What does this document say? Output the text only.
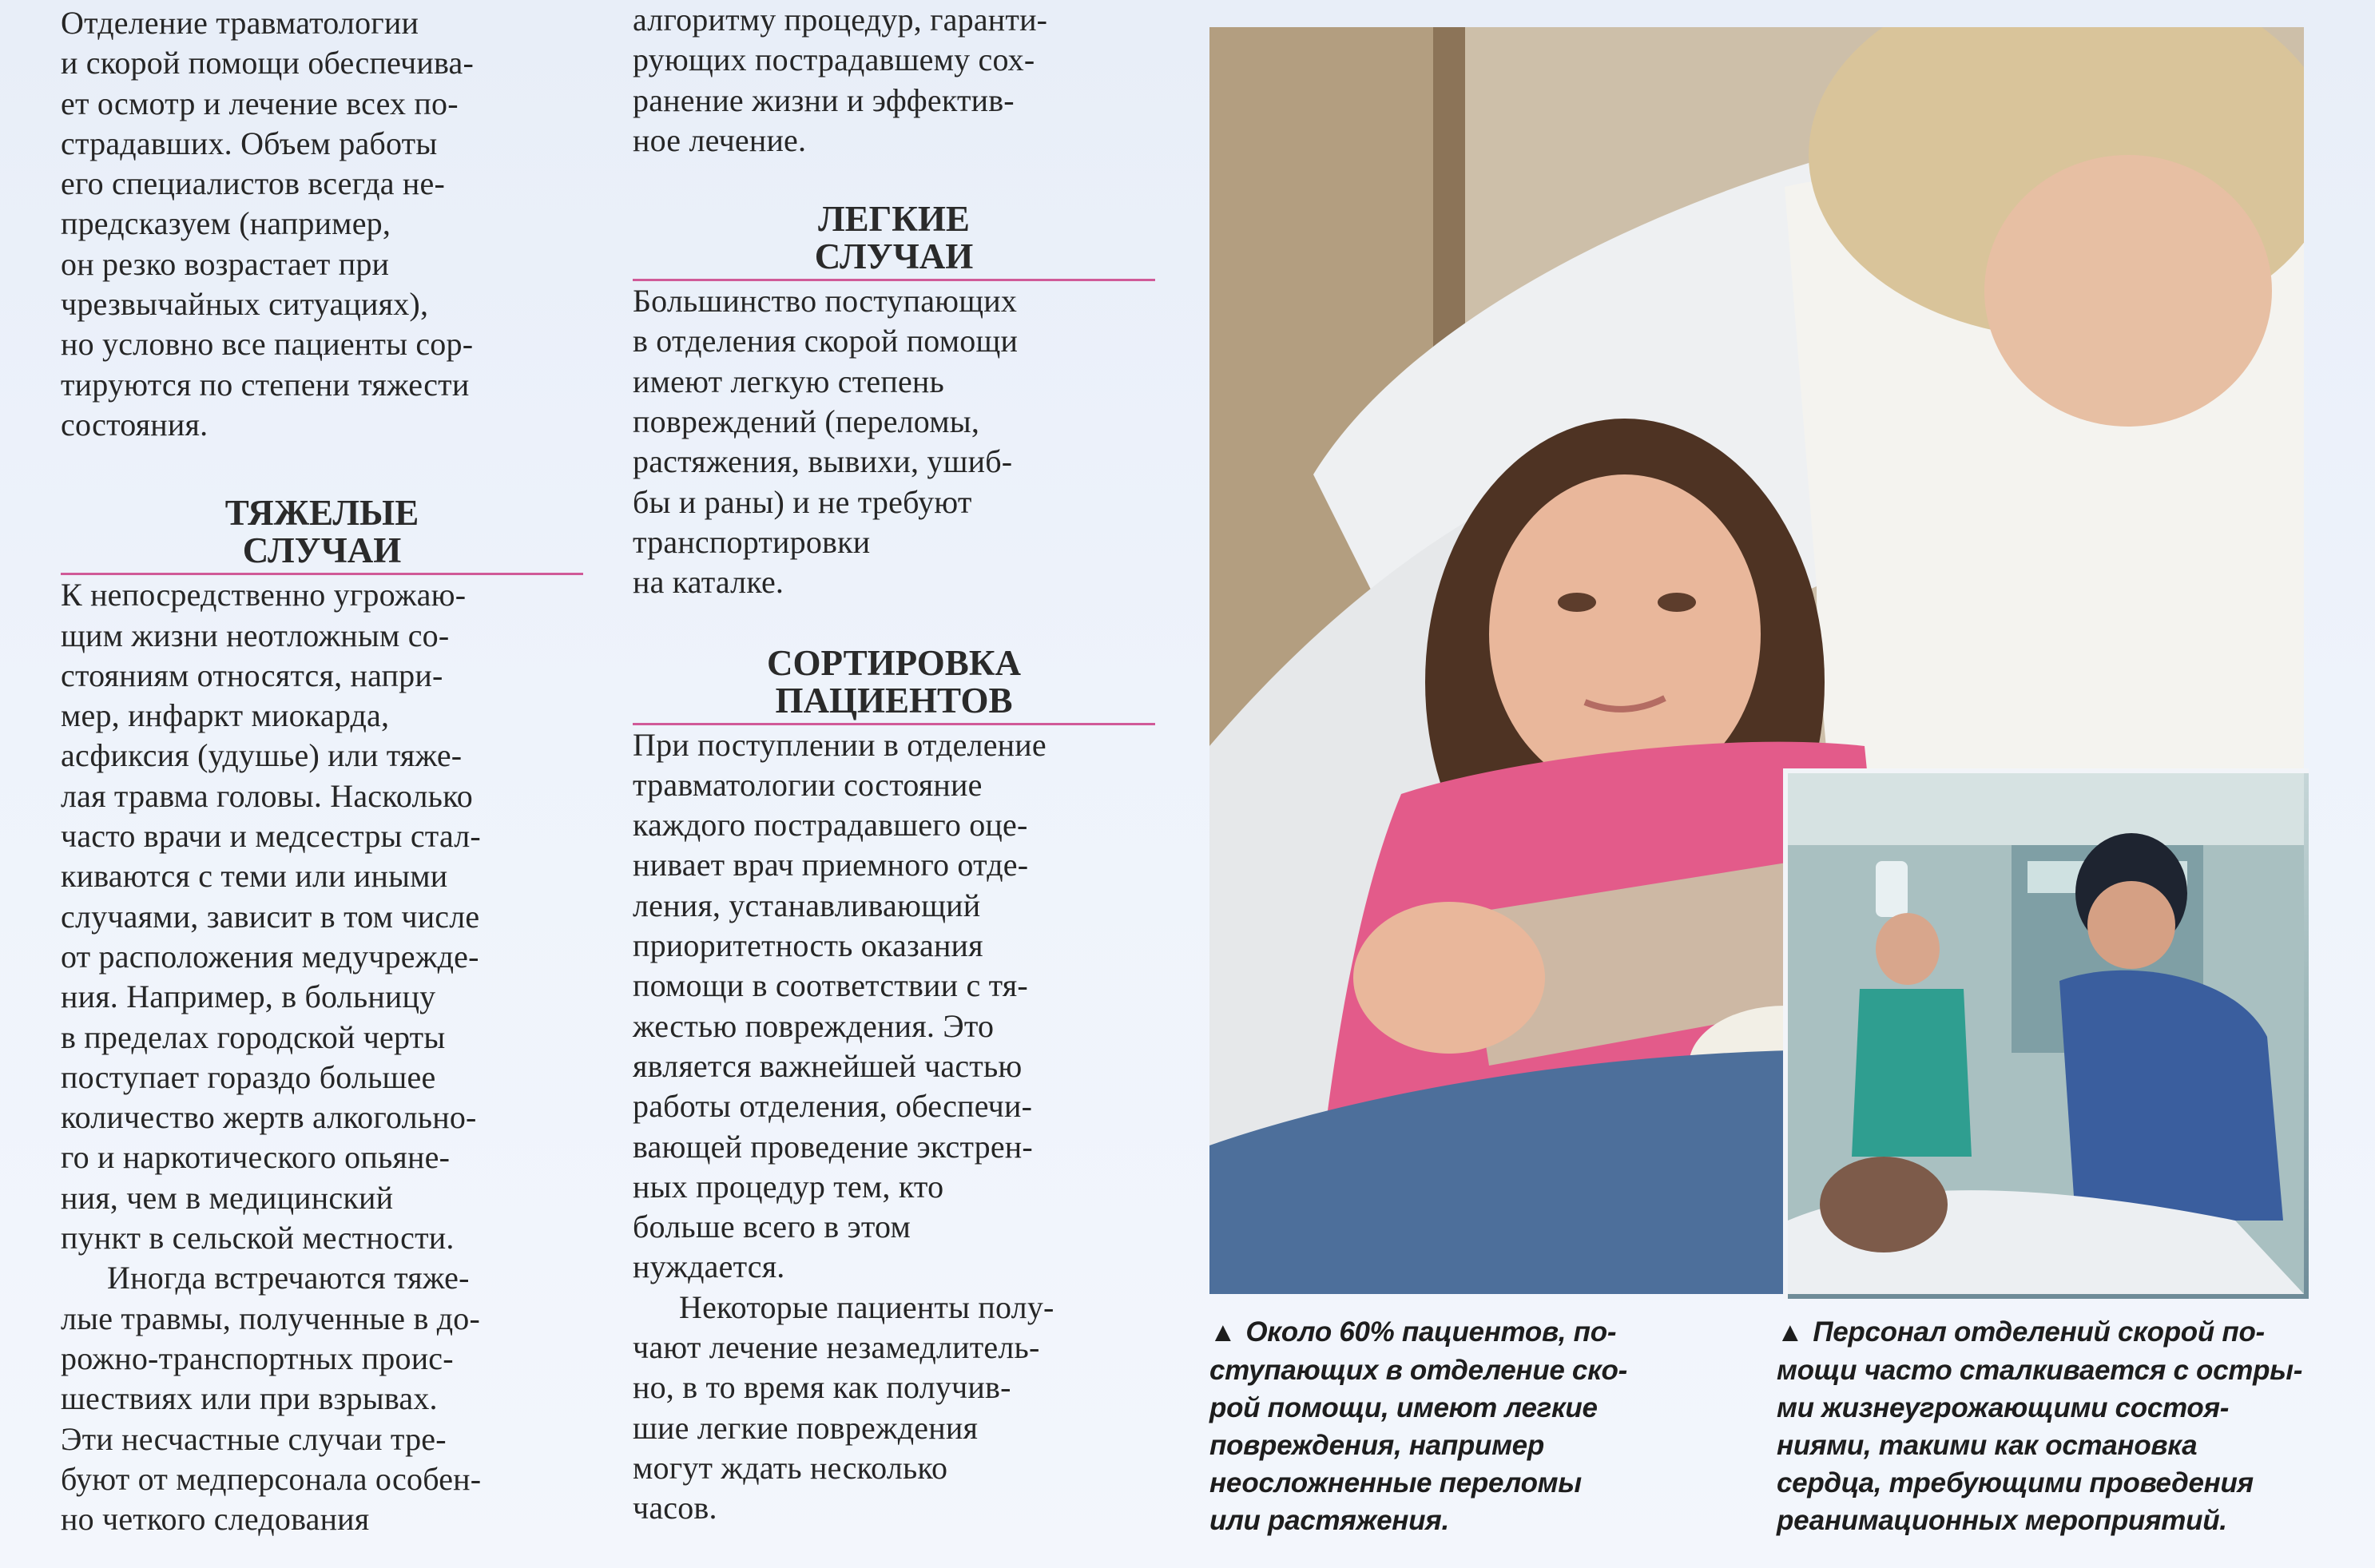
Отделение травматологии
и скорой помощи обеспечива-
ет осмотр и лечение всех по-
страдавших. Объем работы
его специалистов всегда не-
предсказуем (например,
он резко возрастает при
чрезвычайных ситуациях),
но условно все пациенты сор-
тируются по степени тяжести
состояния.

ТЯЖЕЛЫЕ
СЛУЧАИ

К непосредственно угрожаю-
щим жизни неотложным со-
стояниям относятся, напри-
мер, инфаркт миокарда,
асфиксия (удушье) или тяже-
лая травма головы. Насколько
часто врачи и медсестры стал-
киваются с теми или иными
случаями, зависит в том числе
от расположения медучрежде-
ния. Например, в больницу
в пределах городской черты
поступает гораздо большее
количество жертв алкогольно-
го и наркотического опьяне-
ния, чем в медицинский
пункт в сельской местности.

Иногда встречаются тяже-
лые травмы, полученные в до-
рожно-транспортных проис-
шествиях или при взрывах.
Эти несчастные случаи тре-
буют от медперсонала особен-
но четкого следования

алгоритму процедур, гаранти-
рующих пострадавшему сох-
ранение жизни и эффектив-
ное лечение.

ЛЕГКИЕ
СЛУЧАИ

Большинство поступающих
в отделения скорой помощи
имеют легкую степень
повреждений (переломы,
растяжения, вывихи, ушиб-
бы и раны) и не требуют
транспортировки
на каталке.

СОРТИРОВКА
ПАЦИЕНТОВ

При поступлении в отделение
травматологии состояние
каждого пострадавшего оце-
нивает врач приемного отде-
ления, устанавливающий
приоритетность оказания
помощи в соответствии с тя-
жестью повреждения. Это
является важнейшей частью
работы отделения, обеспечи-
вающей проведение экстрен-
ных процедур тем, кто
больше всего в этом
нуждается.

Некоторые пациенты полу-
чают лечение незамедлитель-
но, в то время как получив-
шие легкие повреждения
могут ждать несколько
часов.

▲ Около 60% пациентов, по-
ступающих в отделение ско-
рой помощи, имеют легкие
повреждения, например
неосложненные переломы
или растяжения.
▲ Персонал отделений скорой по-
мощи часто сталкивается с остры-
ми жизнеугрожающими состоя-
ниями, такими как остановка
сердца, требующими проведения
реанимационных мероприятий.
